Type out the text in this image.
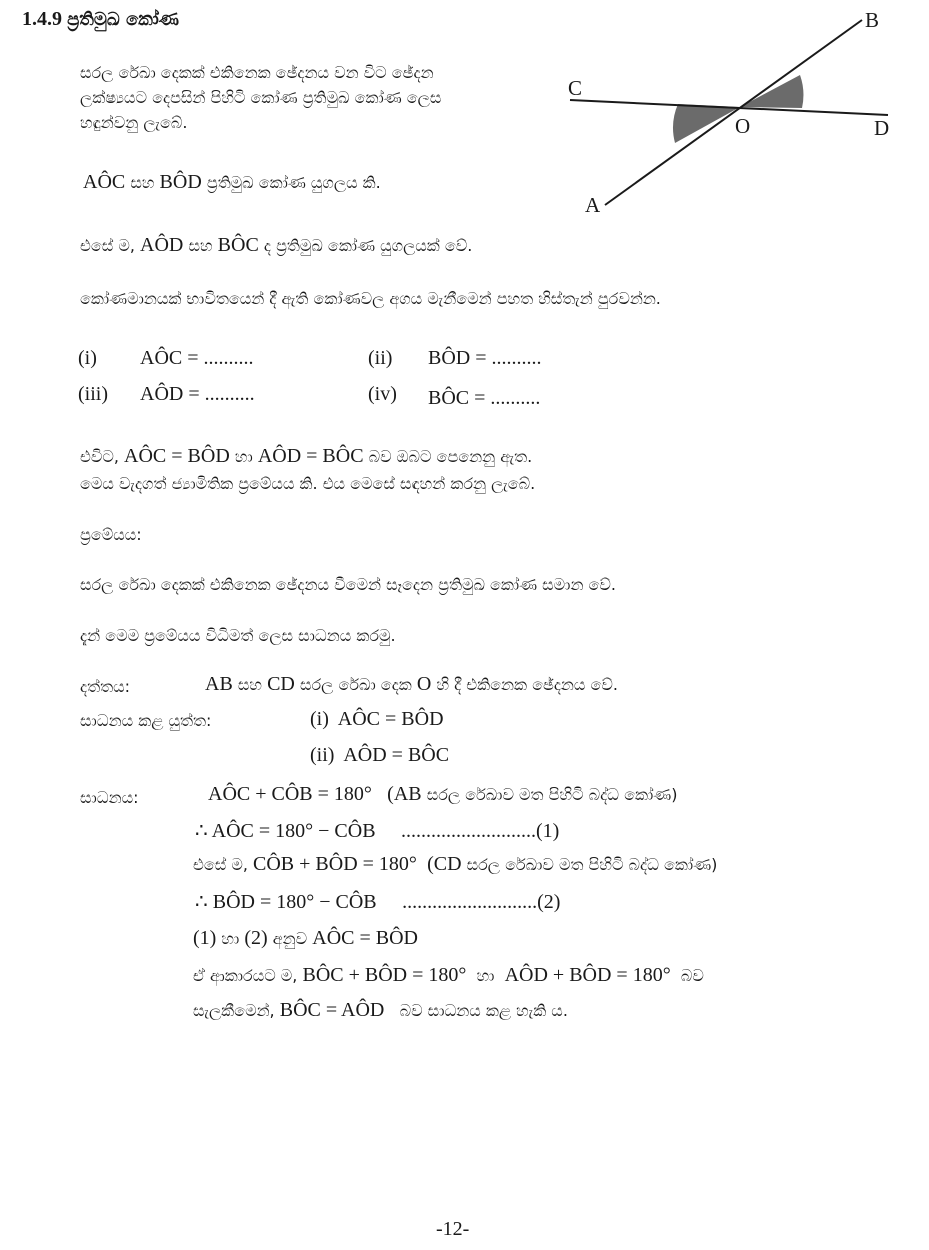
1.4.9 ප්‍රතිමුඛ කෝණ
සරල රේඛා දෙකක් එකිනෙක ඡේදනය වන විට ඡේදන
ලක්ෂ්‍යයට දෙපසින් පිහිටි කෝණ ප්‍රතිමුඛ කෝණ ලෙස
හඳුන්වනු ලැබේ.
B
C
O	D
A
AÔC සහ BÔD ප්‍රතිමුඛ කෝණ යුගලය කි.
එසේ ම, AÔD සහ BÔC ද ප්‍රතිමුඛ කෝණ යුගලයක් වේ.
කෝණමානයක් භාවිතයෙන් දී ඇති කෝණවල අගය මැනීමෙන් පහත හිස්තැන් පුරවන්න.
(i) AÔC = ..........	(ii) BÔD = ..........
(iii) AÔD = ..........	(iv) BÔC = ..........
එවිට, AÔC = BÔD හා AÔD = BÔC බව ඔබට පෙනෙනු ඇත.
මෙය වැදගත් ජ්‍යාමිතික ප්‍රමේයය කි. එය මෙසේ සඳහන් කරනු ලැබේ.
ප්‍රමේයය:
සරල රේඛා දෙකක් එකිනෙක ඡේදනය වීමෙන් සෑදෙන ප්‍රතිමුඛ කෝණ සමාන වේ.
දැන් මෙම ප්‍රමේයය විධිමත් ලෙස සාධනය කරමු.
දත්තය:	AB සහ CD සරල රේඛා දෙක O හි දී එකිනෙක ඡේදනය වේ.
සාධනය කළ යුත්ත:	(i) AÔC = BÔD
(ii) AÔD = BÔC
සාධනය:	AÔC + CÔB = 180° (AB සරල රේඛාව මත පිහිටි බද්ධ කෝණ)
∴ AÔC = 180° − CÔB ...........................(1)
එසේ ම, CÔB + BÔD = 180° (CD සරල රේඛාව මත පිහිටි බද්ධ කෝණ)
∴ BÔD = 180° − CÔB ...........................(2)
(1) හා (2) අනුව AÔC = BÔD
ඒ ආකාරයට ම, BÔC + BÔD = 180° හා AÔD + BÔD = 180° බව
සැලකීමෙන්, BÔC = AÔD බව සාධනය කළ හැකි ය.
-12-
